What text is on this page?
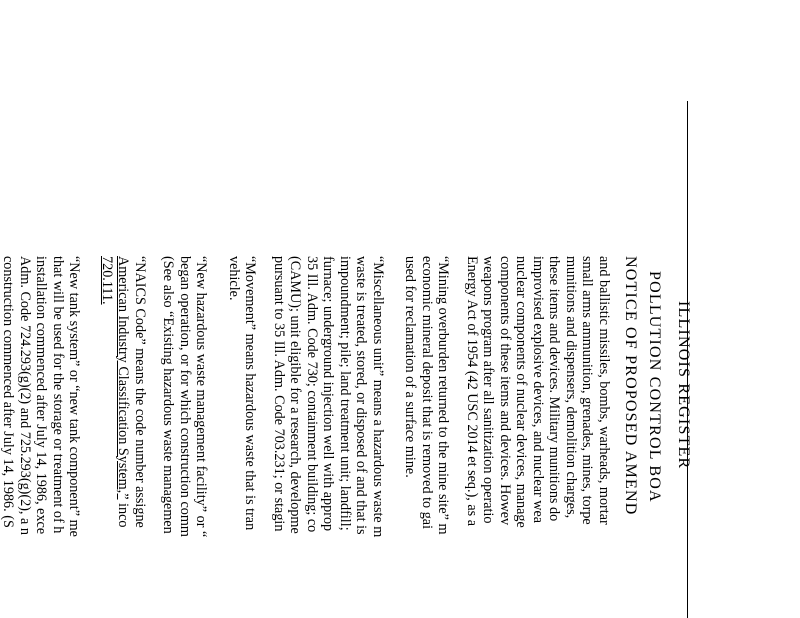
ILLINOIS REGISTER
POLLUTION CONTROL BOA
NOTICE OF PROPOSED AMEND
and ballistic missiles, bombs, warheads, mortar
small arms ammunition, grenades, mines, torpe
munitions and dispensers, demolition charges,
these items and devices. Military munitions do
improvised explosive devices, and nuclear wea
nuclear components of nuclear devices, manage
components of these items and devices. Howev
weapons program after all sanitization operatio
Energy Act of 1954 (42 USC 2014 et seq.), as a
“Mining overburden returned to the mine site” m
economic mineral deposit that is removed to gai
used for reclamation of a surface mine.
“Miscellaneous unit” means a hazardous waste m
waste is treated, stored, or disposed of and that is
impoundment; pile; land treatment unit; landfill;
furnace; underground injection well with approp
35 Ill. Adm. Code 730; containment building; co
(CAMU); unit eligible for a research, developme
pursuant to 35 Ill. Adm. Code 703.231; or stagin
“Movement” means hazardous waste that is tran
vehicle.
“New hazardous waste management facility” or “
began operation, or for which construction comm
(See also “Existing hazardous waste managemen
“NAICS Code” means the code number assigne
American Industry Classification System,” inco
720.111.
“New tank system” or “new tank component” me
that will be used for the storage or treatment of h
installation commenced after July 14, 1986, exce
Adm. Code 724.293(g)(2) and 725.293(g)(2), a n
construction commenced after July 14, 1986. (S
